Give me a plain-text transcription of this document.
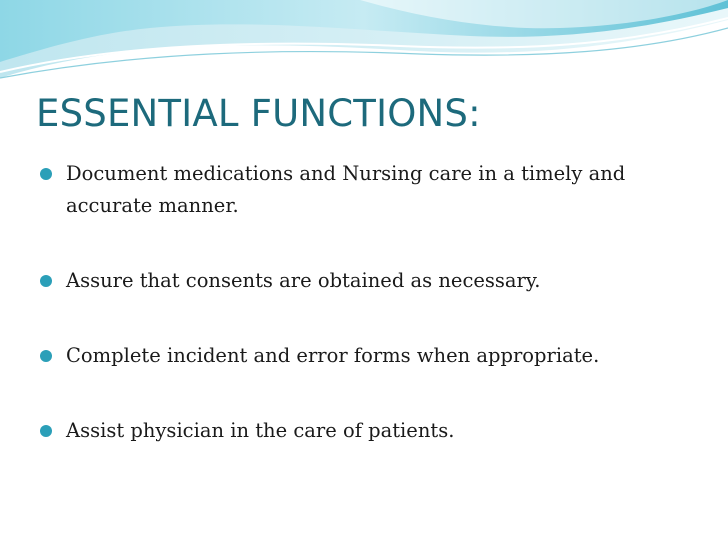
ESSENTIAL FUNCTIONS:
Document medications and Nursing care in a timely and accurate manner.
Assure that consents are obtained as necessary.
Complete incident and error forms when appropriate.
Assist physician in the care of patients.
